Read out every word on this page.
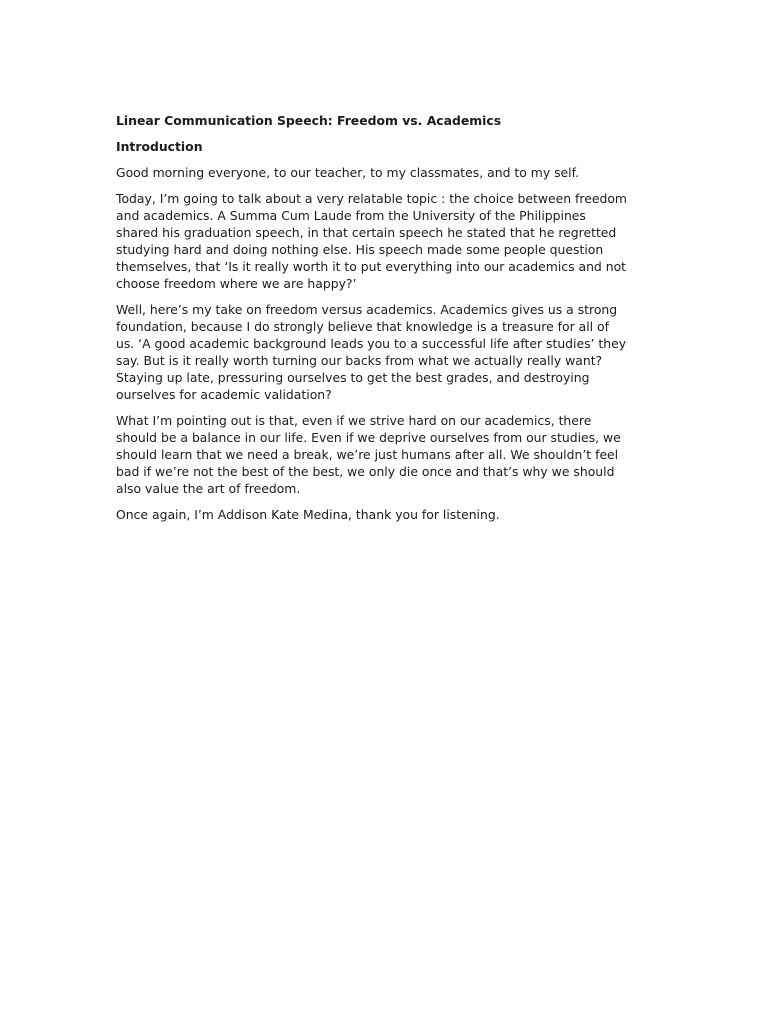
Linear Communication Speech: Freedom vs. Academics

Introduction

Good morning everyone, to our teacher, to my classmates, and to my self.

Today, I’m going to talk about a very relatable topic : the choice between freedom
and academics. A Summa Cum Laude from the University of the Philippines
shared his graduation speech, in that certain speech he stated that he regretted
studying hard and doing nothing else. His speech made some people question
themselves, that ‘Is it really worth it to put everything into our academics and not
choose freedom where we are happy?’

Well, here’s my take on freedom versus academics. Academics gives us a strong
foundation, because I do strongly believe that knowledge is a treasure for all of
us. ‘A good academic background leads you to a successful life after studies’ they
say. But is it really worth turning our backs from what we actually really want?
Staying up late, pressuring ourselves to get the best grades, and destroying
ourselves for academic validation?

What I’m pointing out is that, even if we strive hard on our academics, there
should be a balance in our life. Even if we deprive ourselves from our studies, we
should learn that we need a break, we’re just humans after all. We shouldn’t feel
bad if we’re not the best of the best, we only die once and that’s why we should
also value the art of freedom.

Once again, I’m Addison Kate Medina, thank you for listening.
